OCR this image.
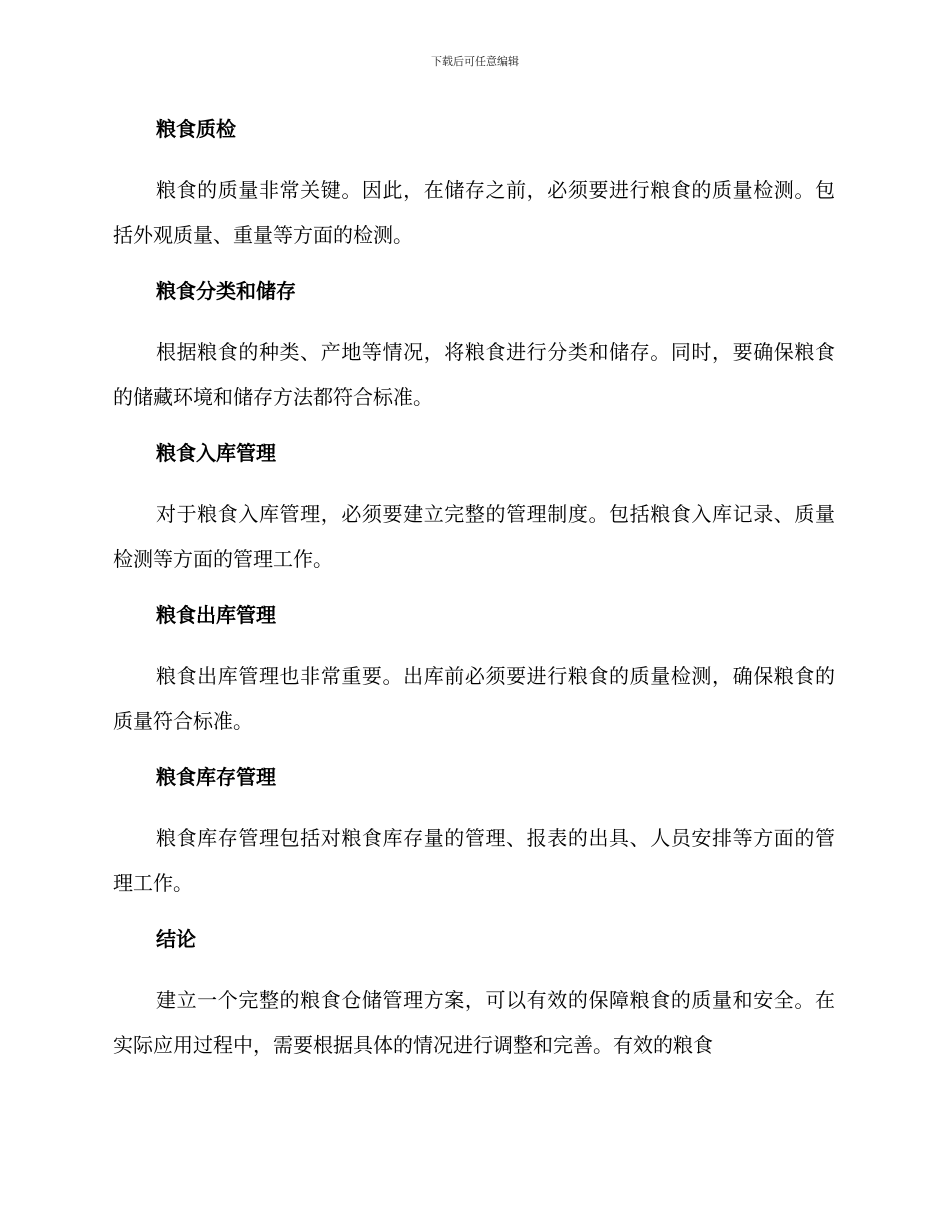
下载后可任意编辑
粮食质检
粮食的质量非常关键。因此，在储存之前，必须要进行粮食的质量检测。包括外观质量、重量等方面的检测。
粮食分类和储存
根据粮食的种类、产地等情况，将粮食进行分类和储存。同时，要确保粮食的储藏环境和储存方法都符合标准。
粮食入库管理
对于粮食入库管理，必须要建立完整的管理制度。包括粮食入库记录、质量检测等方面的管理工作。
粮食出库管理
粮食出库管理也非常重要。出库前必须要进行粮食的质量检测，确保粮食的质量符合标准。
粮食库存管理
粮食库存管理包括对粮食库存量的管理、报表的出具、人员安排等方面的管理工作。
结论
建立一个完整的粮食仓储管理方案，可以有效的保障粮食的质量和安全。在实际应用过程中，需要根据具体的情况进行调整和完善。有效的粮食
